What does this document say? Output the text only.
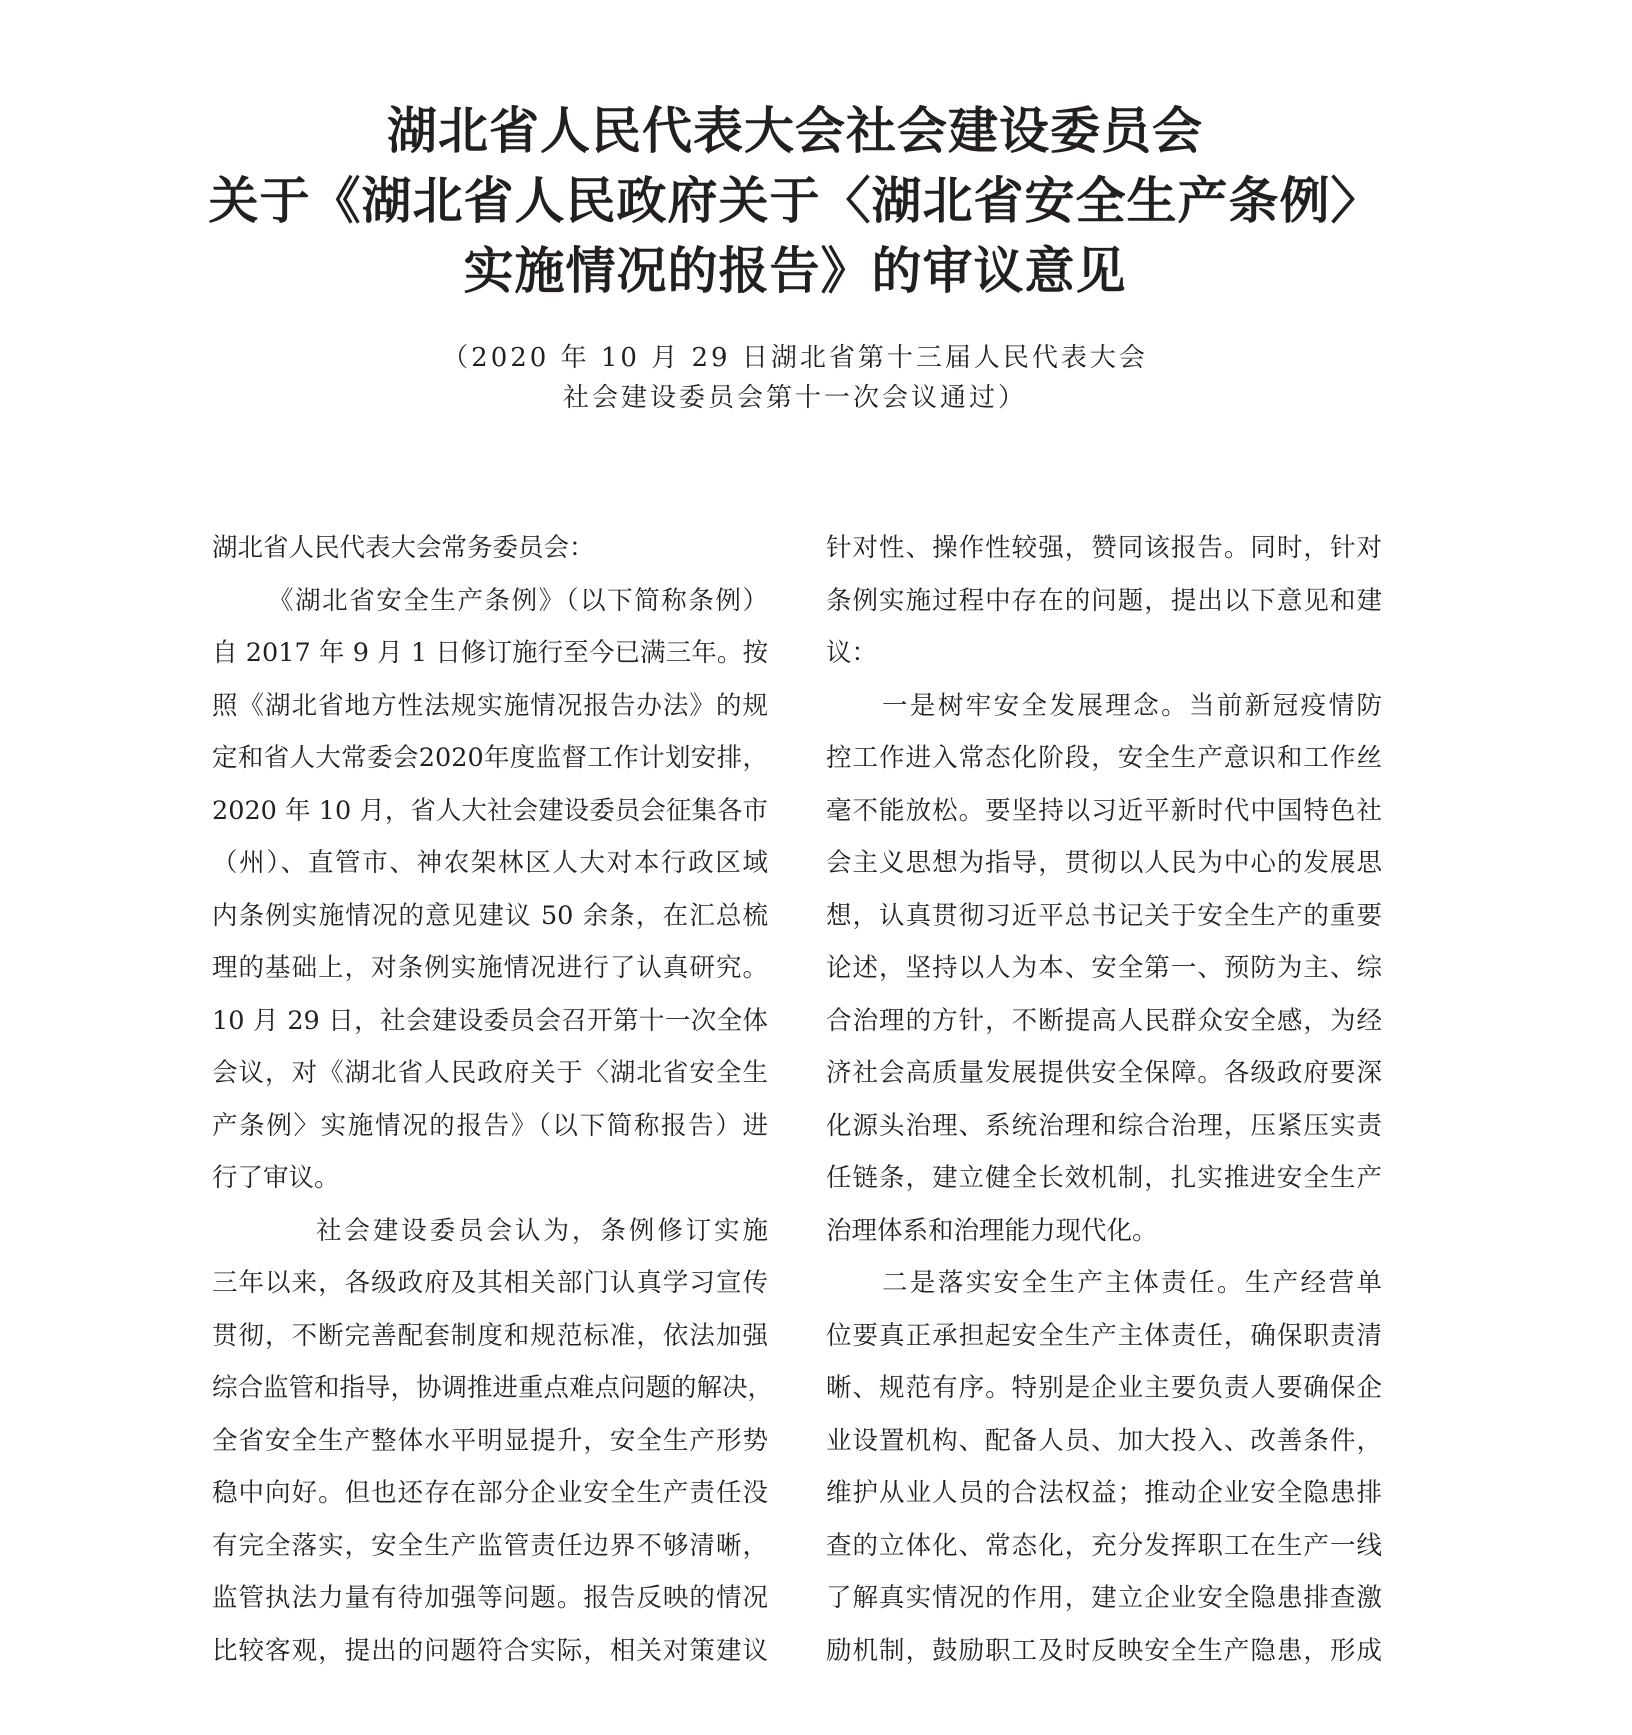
湖北省人民代表大会社会建设委员会
关于《湖北省人民政府关于〈湖北省安全生产条例〉
实施情况的报告》的审议意见
（2020 年 10 月 29 日湖北省第十三届人民代表大会
社会建设委员会第十一次会议通过）
湖北省人民代表大会常务委员会：
《湖北省安全生产条例》（以下简称条例）
自 2017 年 9 月 1 日修订施行至今已满三年。按
照《湖北省地方性法规实施情况报告办法》的规
定和省人大常委会2020年度监督工作计划安排，
2020 年 10 月，省人大社会建设委员会征集各市
（州）、直管市、神农架林区人大对本行政区域
内条例实施情况的意见建议 50 余条，在汇总梳
理的基础上，对条例实施情况进行了认真研究。
10 月 29 日，社会建设委员会召开第十一次全体
会议，对《湖北省人民政府关于〈湖北省安全生
产条例〉实施情况的报告》（以下简称报告）进
行了审议。
社会建设委员会认为，条例修订实施
三年以来，各级政府及其相关部门认真学习宣传
贯彻，不断完善配套制度和规范标准，依法加强
综合监管和指导，协调推进重点难点问题的解决，
全省安全生产整体水平明显提升，安全生产形势
稳中向好。但也还存在部分企业安全生产责任没
有完全落实，安全生产监管责任边界不够清晰，
监管执法力量有待加强等问题。报告反映的情况
比较客观，提出的问题符合实际，相关对策建议
针对性、操作性较强，赞同该报告。同时，针对
条例实施过程中存在的问题，提出以下意见和建
议：
一是树牢安全发展理念。当前新冠疫情防
控工作进入常态化阶段，安全生产意识和工作丝
毫不能放松。要坚持以习近平新时代中国特色社
会主义思想为指导，贯彻以人民为中心的发展思
想，认真贯彻习近平总书记关于安全生产的重要
论述，坚持以人为本、安全第一、预防为主、综
合治理的方针，不断提高人民群众安全感，为经
济社会高质量发展提供安全保障。各级政府要深
化源头治理、系统治理和综合治理，压紧压实责
任链条，建立健全长效机制，扎实推进安全生产
治理体系和治理能力现代化。
二是落实安全生产主体责任。生产经营单
位要真正承担起安全生产主体责任，确保职责清
晰、规范有序。特别是企业主要负责人要确保企
业设置机构、配备人员、加大投入、改善条件，
维护从业人员的合法权益；推动企业安全隐患排
查的立体化、常态化，充分发挥职工在生产一线
了解真实情况的作用，建立企业安全隐患排查激
励机制，鼓励职工及时反映安全生产隐患，形成
